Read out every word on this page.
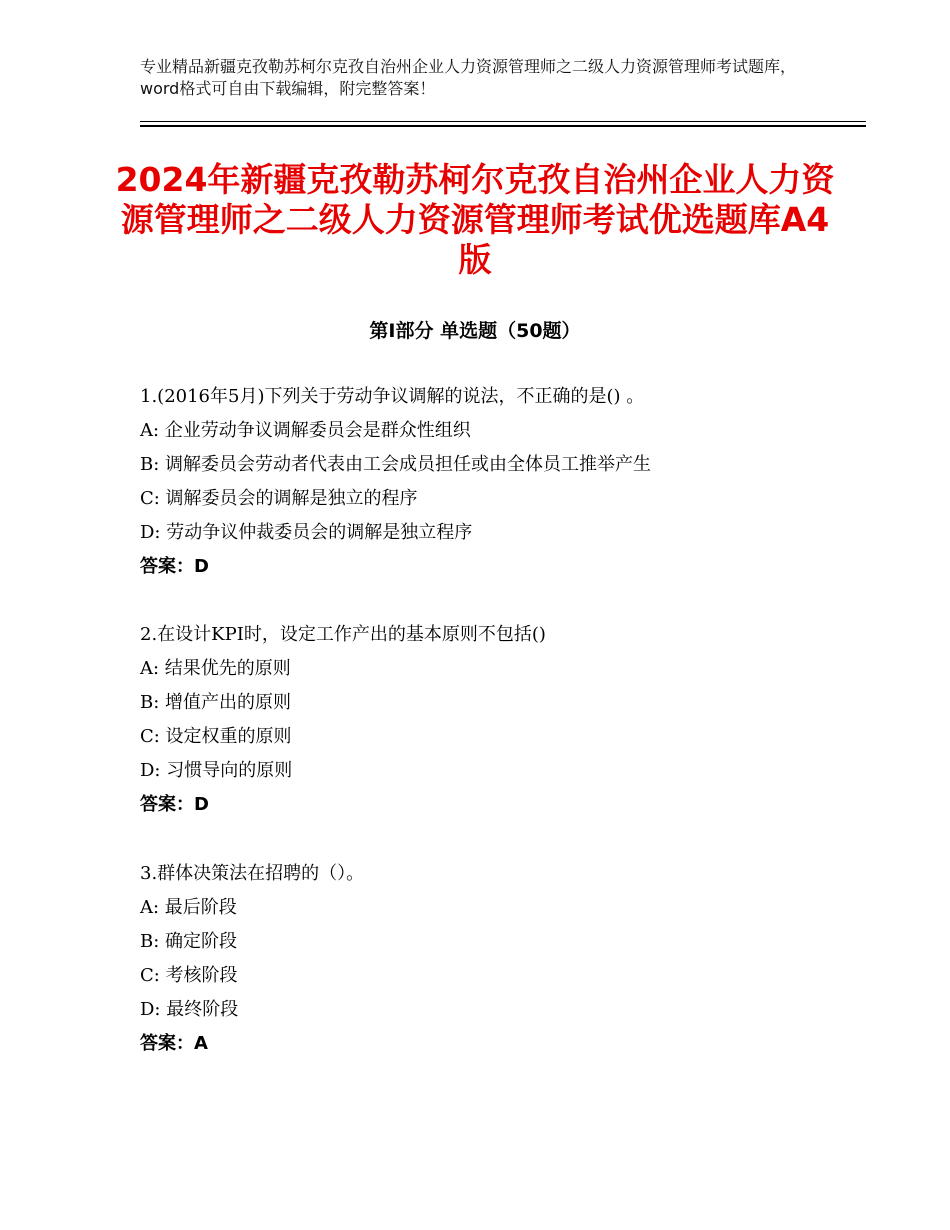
专业精品新疆克孜勒苏柯尔克孜自治州企业人力资源管理师之二级人力资源管理师考试题库，word格式可自由下载编辑，附完整答案！
2024年新疆克孜勒苏柯尔克孜自治州企业人力资源管理师之二级人力资源管理师考试优选题库A4版
第Ⅰ部分 单选题（50题）
1.(2016年5月)下列关于劳动争议调解的说法，不正确的是() 。
A: 企业劳动争议调解委员会是群众性组织
B: 调解委员会劳动者代表由工会成员担任或由全体员工推举产生
C: 调解委员会的调解是独立的程序
D: 劳动争议仲裁委员会的调解是独立程序
答案：D
2.在设计KPI时，设定工作产出的基本原则不包括()
A: 结果优先的原则
B: 增值产出的原则
C: 设定权重的原则
D: 习惯导向的原则
答案：D
3.群体决策法在招聘的（）。
A: 最后阶段
B: 确定阶段
C: 考核阶段
D: 最终阶段
答案：A
